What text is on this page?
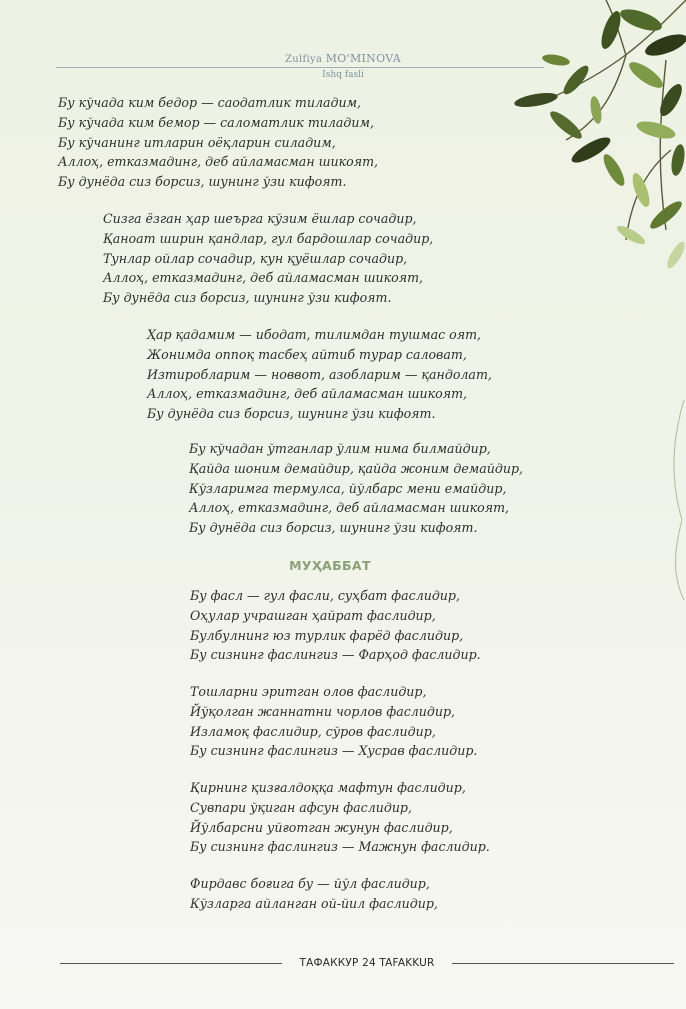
Zulfiya MO'MINOVA
Ishq fasli
Бу кўчада ким бедор — саодатлик тиладим,
Бу кўчада ким бемор — саломатлик тиладим,
Бу кўчанинг итларин оёқларин силадим,
Аллоҳ, етказмадинг, деб айламасман шикоят,
Бу дунёда сиз борсиз, шунинг ўзи кифоят.
Сизга ёзган ҳар шеърга кўзим ёшлар сочадир,
Қаноат ширин қандлар, гул бардошлар сочадир,
Тунлар ойлар сочадир, кун қуёшлар сочадир,
Аллоҳ, етказмадинг, деб айламасман шикоят,
Бу дунёда сиз борсиз, шунинг ўзи кифоят.
Ҳар қадамим — ибодат, тилимдан тушмас оят,
Жонимда оппоқ тасбеҳ айтиб турар саловат,
Изтиробларим — новвот, азобларим — қандолат,
Аллоҳ, етказмадинг, деб айламасман шикоят,
Бу дунёда сиз борсиз, шунинг ўзи кифоят.
Бу кўчадан ўтганлар ўлим нима билмайдир,
Қайда шоним демайдир, қайда жоним демайдир,
Кўзларимга термулса, йўлбарс мени емайдир,
Аллоҳ, етказмадинг, деб айламасман шикоят,
Бу дунёда сиз борсиз, шунинг ўзи кифоят.
МУҲАББАТ
Бу фасл — гул фасли, суҳбат фаслидир,
Оҳулар учрашган ҳайрат фаслидир,
Булбулнинг юз турлик фарёд фаслидир,
Бу сизнинг фаслингиз — Фарҳод фаслидир.
Тошларни эритган олов фаслидир,
Йўқолган жаннатни чорлов фаслидир,
Изламоқ фаслидир, сўров фаслидир,
Бу сизнинг фаслингиз — Хусрав фаслидир.
Қирнинг қизғалдоққа мафтун фаслидир,
Сувпари ўқиган афсун фаслидир,
Йўлбарсни уйғотган жунун фаслидир,
Бу сизнинг фаслингиз — Мажнун фаслидир.
Фирдавс боғига бу — йўл фаслидир,
Кўзларга айланган ой-йил фаслидир,
ТАФАККУР 24 TAFAKKUR
